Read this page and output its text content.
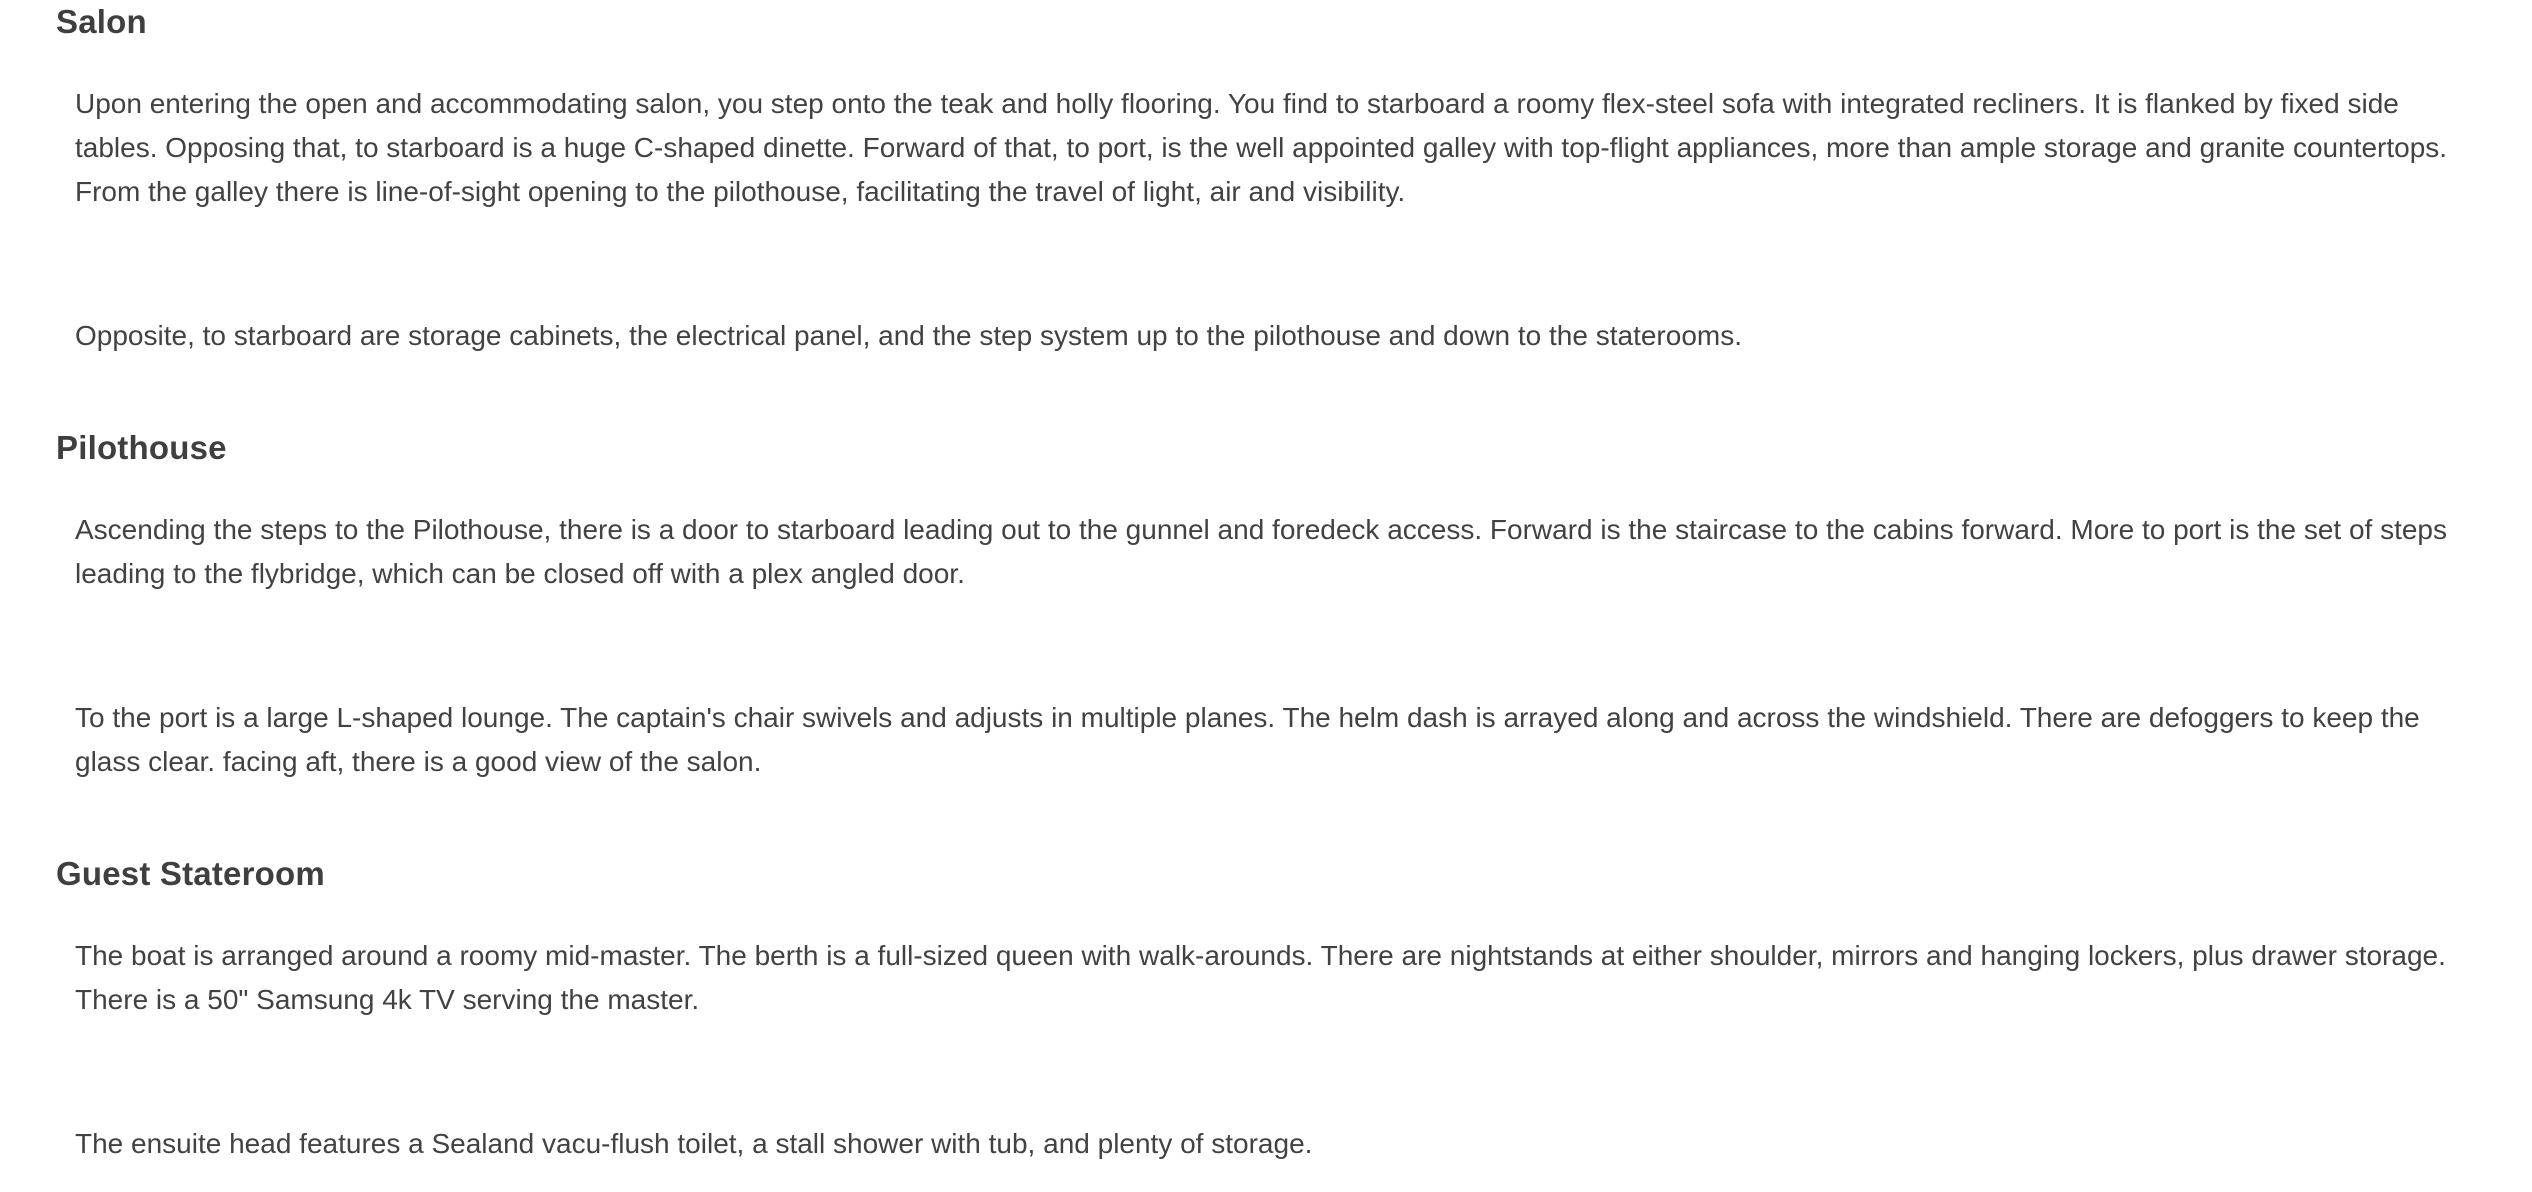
Salon

Upon entering the open and accommodating salon, you step onto the teak and holly flooring. You find to starboard a roomy flex-steel sofa with integrated recliners. It is flanked by fixed side tables. Opposing that, to starboard is a huge C-shaped dinette. Forward of that, to port, is the well appointed galley with top-flight appliances, more than ample storage and granite countertops. From the galley there is line-of-sight opening to the pilothouse, facilitating the travel of light, air and visibility.

Opposite, to starboard are storage cabinets, the electrical panel, and the step system up to the pilothouse and down to the staterooms.

Pilothouse

Ascending the steps to the Pilothouse, there is a door to starboard leading out to the gunnel and foredeck access. Forward is the staircase to the cabins forward. More to port is the set of steps leading to the flybridge, which can be closed off with a plex angled door.

To the port is a large L-shaped lounge. The captain's chair swivels and adjusts in multiple planes. The helm dash is arrayed along and across the windshield. There are defoggers to keep the glass clear. facing aft, there is a good view of the salon.

Guest Stateroom

The boat is arranged around a roomy mid-master. The berth is a full-sized queen with walk-arounds. There are nightstands at either shoulder, mirrors and hanging lockers, plus drawer storage. There is a 50" Samsung 4k TV serving the master.

The ensuite head features a Sealand vacu-flush toilet, a stall shower with tub, and plenty of storage.
